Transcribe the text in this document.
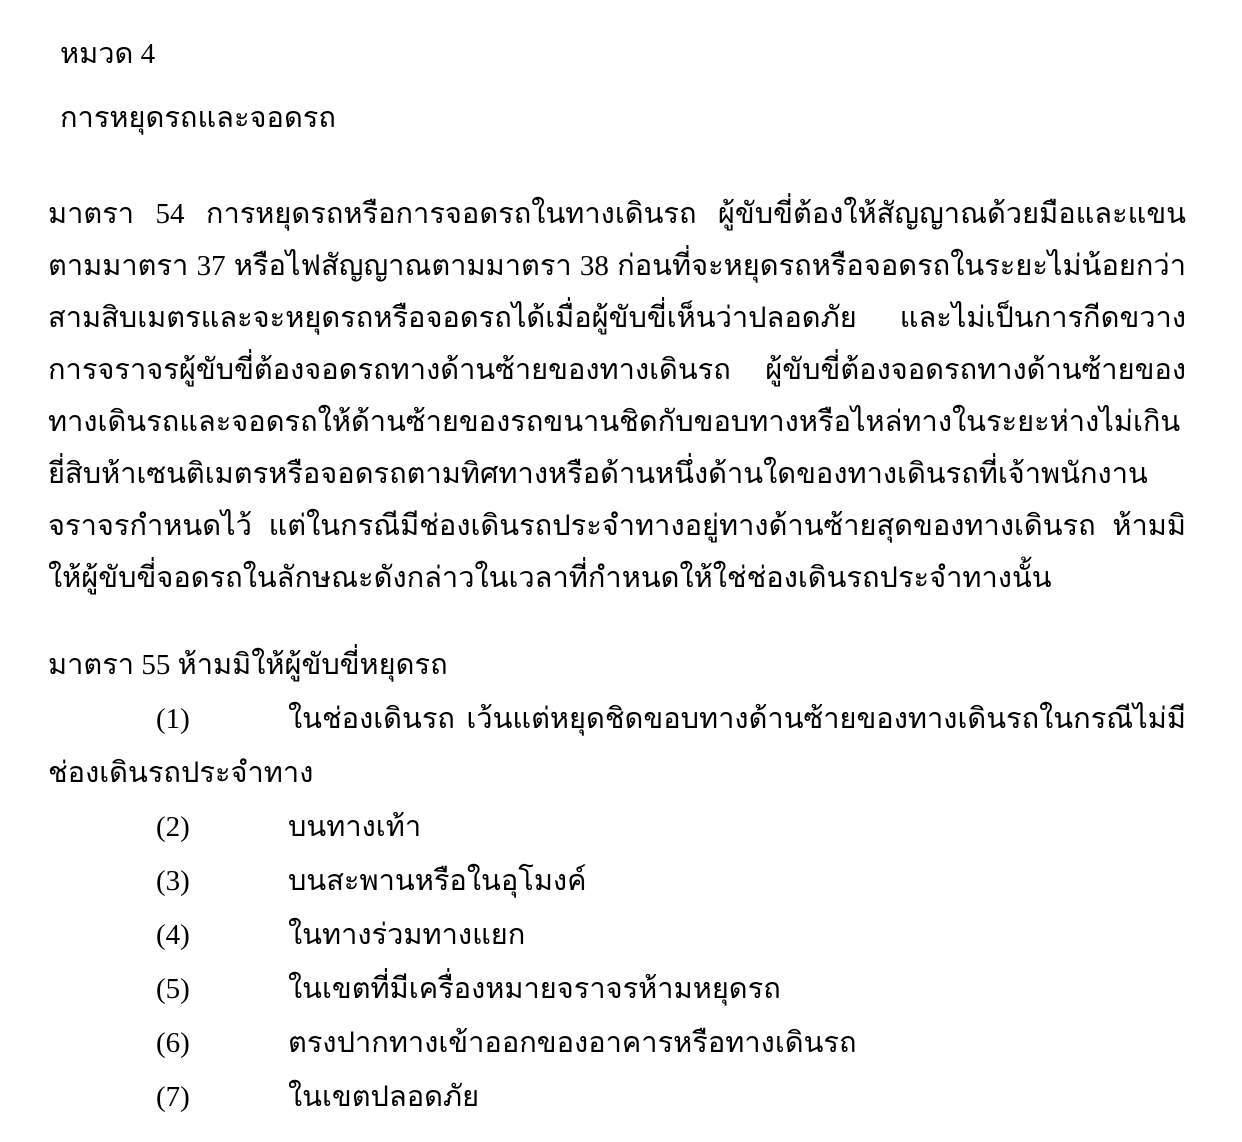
หมวด 4
การหยุดรถและจอดรถ

มาตรา 54 การหยุดรถหรือการจอดรถในทางเดินรถ ผู้ขับขี่ต้องให้สัญญาณด้วยมือและแขนตามมาตรา 37 หรือไฟสัญญาณตามมาตรา 38 ก่อนที่จะหยุดรถหรือจอดรถในระยะไม่น้อยกว่าสามสิบเมตรและจะหยุดรถหรือจอดรถได้เมื่อผู้ขับขี่เห็นว่าปลอดภัย และไม่เป็นการกีดขวางการจราจรผู้ขับขี่ต้องจอดรถทางด้านซ้ายของทางเดินรถ ผู้ขับขี่ต้องจอดรถทางด้านซ้ายของทางเดินรถและจอดรถให้ด้านซ้ายของรถขนานชิดกับขอบทางหรือไหล่ทางในระยะห่างไม่เกินยี่สิบห้าเซนติเมตรหรือจอดรถตามทิศทางหรือด้านหนึ่งด้านใดของทางเดินรถที่เจ้าพนักงานจราจรกำหนดไว้ แต่ในกรณีมีช่องเดินรถประจำทางอยู่ทางด้านซ้ายสุดของทางเดินรถ ห้ามมิให้ผู้ขับขี่จอดรถในลักษณะดังกล่าวในเวลาที่กำหนดให้ใช่ช่องเดินรถประจำทางนั้น

มาตรา 55 ห้ามมิให้ผู้ขับขี่หยุดรถ

(1)	ในช่องเดินรถ เว้นแต่หยุดชิดขอบทางด้านซ้ายของทางเดินรถในกรณีไม่มีช่องเดินรถประจำทาง

(2)	บนทางเท้า

(3)	บนสะพานหรือในอุโมงค์

(4)	ในทางร่วมทางแยก

(5)	ในเขตที่มีเครื่องหมายจราจรห้ามหยุดรถ

(6)	ตรงปากทางเข้าออกของอาคารหรือทางเดินรถ

(7)	ในเขตปลอดภัย
